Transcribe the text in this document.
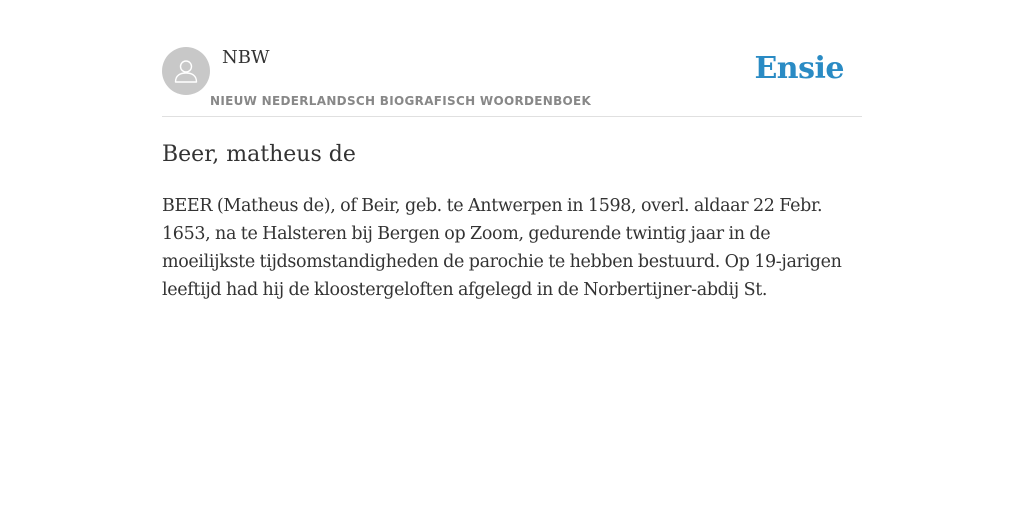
NBW
NIEUW NEDERLANDSCH BIOGRAFISCH WOORDENBOEK
Ensie
Beer, matheus de

BEER (Matheus de), of Beir, geb. te Antwerpen in 1598, overl. aldaar 22 Febr. 1653, na te Halsteren bij Bergen op Zoom, gedurende twintig jaar in de moeilijkste tijdsomstandigheden de parochie te hebben bestuurd. Op 19-jarigen leeftijd had hij de kloostergeloften afgelegd in de Norbertijner-abdij St.
